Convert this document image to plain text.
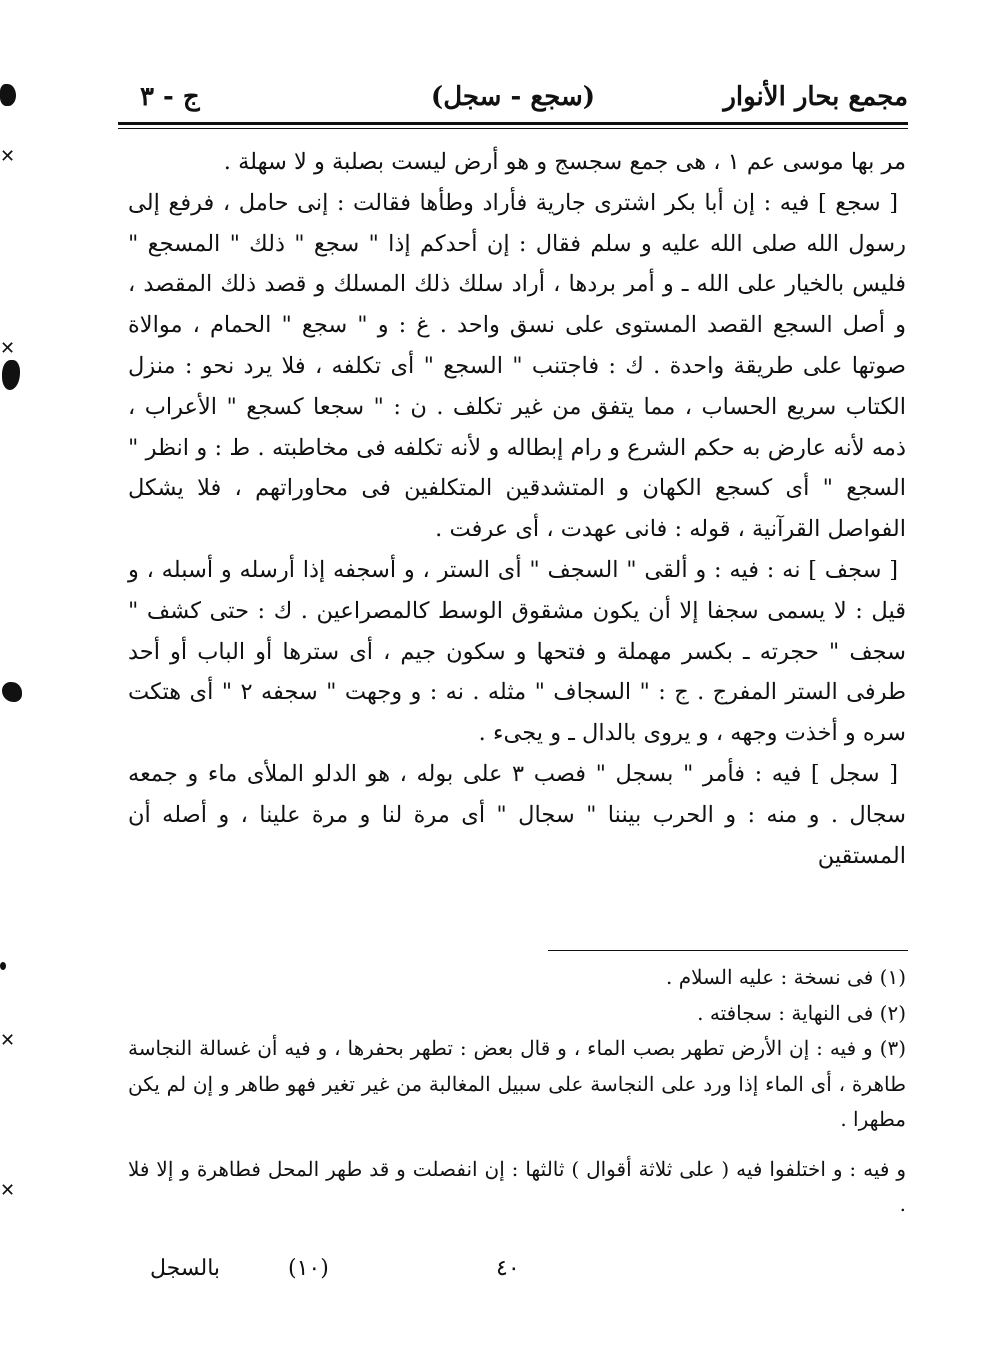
مجمع بحار الأنوار
(سجع - سجل)
ج - ٣

مر بها موسى عم ١ ، هى جمع سجسج و هو أرض ليست بصلبة و لا سهلة .

[ سجع ] فيه : إن أبا بكر اشترى جارية فأراد وطأها فقالت : إنى حامل ، فرفع إلى رسول الله صلى الله عليه و سلم فقال : إن أحدكم إذا " سجع " ذلك " المسجع " فليس بالخيار على الله ـ و أمر بردها ، أراد سلك ذلك المسلك و قصد ذلك المقصد ، و أصل السجع القصد المستوى على نسق واحد . غ : و " سجع " الحمام ، موالاة صوتها على طريقة واحدة . ك : فاجتنب " السجع " أى تكلفه ، فلا يرد نحو : منزل الكتاب سريع الحساب ، مما يتفق من غير تكلف . ن : " سجعا كسجع " الأعراب ، ذمه لأنه عارض به حكم الشرع و رام إبطاله و لأنه تكلفه فى مخاطبته . ط : و انظر " السجع " أى كسجع الكهان و المتشدقين المتكلفين فى محاوراتهم ، فلا يشكل الفواصل القرآنية ، قوله : فانى عهدت ، أى عرفت .

[ سجف ] نه : فيه : و ألقى " السجف " أى الستر ، و أسجفه إذا أرسله و أسبله ، و قيل : لا يسمى سجفا إلا أن يكون مشقوق الوسط كالمصراعين . ك : حتى كشف " سجف " حجرته ـ بكسر مهملة و فتحها و سكون جيم ، أى سترها أو الباب أو أحد طرفى الستر المفرج . ج : " السجاف " مثله . نه : و وجهت " سجفه ٢ " أى هتكت سره و أخذت وجهه ، و يروى بالدال ـ و يجىء .

[ سجل ] فيه : فأمر " بسجل " فصب ٣ على بوله ، هو الدلو الملأى ماء و جمعه سجال . و منه : و الحرب بيننا " سجال " أى مرة لنا و مرة علينا ، و أصله أن المستقين

(١) فى نسخة : عليه السلام .

(٢) فى النهاية : سجافته .

(٣) و فيه : إن الأرض تطهر بصب الماء ، و قال بعض : تطهر بحفرها ، و فيه أن غسالة النجاسة طاهرة ، أى الماء إذا ورد على النجاسة على سبيل المغالبة من غير تغير فهو طاهر و إن لم يكن مطهرا .

و فيه : و اختلفوا فيه ( على ثلاثة أقوال ) ثالثها : إن انفصلت و قد طهر المحل فطاهرة و إلا فلا .

بالسجل	(١٠)	٤٠
✕
✕
✕
✕
